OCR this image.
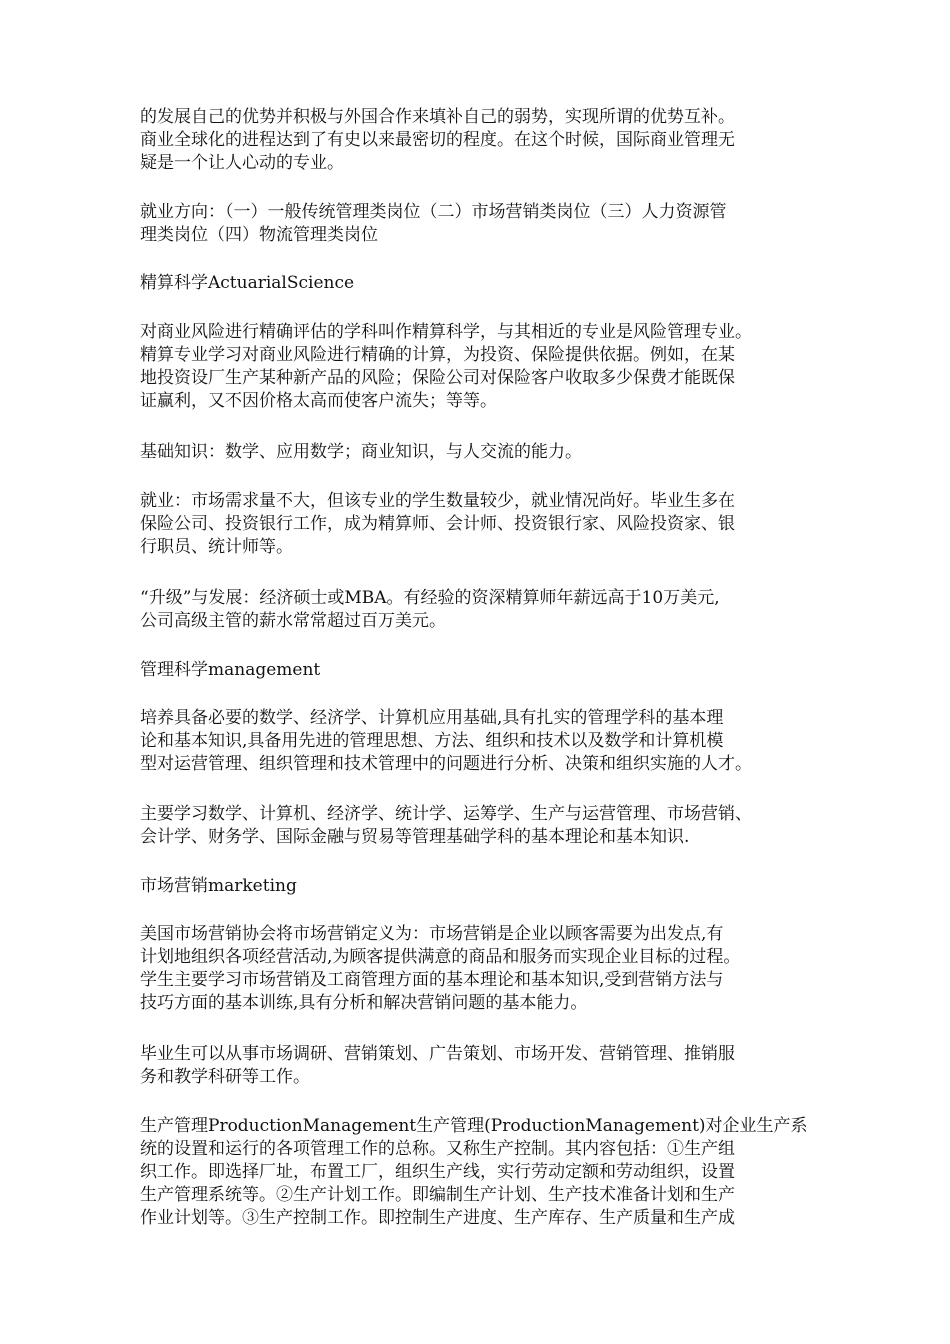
的发展自己的优势并积极与外国合作来填补自己的弱势，实现所谓的优势互补。
商业全球化的进程达到了有史以来最密切的程度。在这个时候，国际商业管理无
疑是一个让人心动的专业。
就业方向：（一）一般传统管理类岗位（二）市场营销类岗位（三）人力资源管
理类岗位（四）物流管理类岗位
精算科学ActuarialScience
对商业风险进行精确评估的学科叫作精算科学，与其相近的专业是风险管理专业。
精算专业学习对商业风险进行精确的计算，为投资、保险提供依据。例如，在某
地投资设厂生产某种新产品的风险；保险公司对保险客户收取多少保费才能既保
证赢利，又不因价格太高而使客户流失；等等。
基础知识：数学、应用数学；商业知识，与人交流的能力。
就业：市场需求量不大，但该专业的学生数量较少，就业情况尚好。毕业生多在
保险公司、投资银行工作，成为精算师、会计师、投资银行家、风险投资家、银
行职员、统计师等。
“升级”与发展：经济硕士或MBA。有经验的资深精算师年薪远高于10万美元,
公司高级主管的薪水常常超过百万美元。
管理科学management
培养具备必要的数学、经济学、计算机应用基础,具有扎实的管理学科的基本理
论和基本知识,具备用先进的管理思想、方法、组织和技术以及数学和计算机模
型对运营管理、组织管理和技术管理中的问题进行分析、决策和组织实施的人才。
主要学习数学、计算机、经济学、统计学、运筹学、生产与运营管理、市场营销、
会计学、财务学、国际金融与贸易等管理基础学科的基本理论和基本知识.
市场营销marketing
美国市场营销协会将市场营销定义为：市场营销是企业以顾客需要为出发点,有
计划地组织各项经营活动,为顾客提供满意的商品和服务而实现企业目标的过程。
学生主要学习市场营销及工商管理方面的基本理论和基本知识,受到营销方法与
技巧方面的基本训练,具有分析和解决营销问题的基本能力。
毕业生可以从事市场调研、营销策划、广告策划、市场开发、营销管理、推销服
务和教学科研等工作。
生产管理ProductionManagement生产管理(ProductionManagement)对企业生产系
统的设置和运行的各项管理工作的总称。又称生产控制。其内容包括：①生产组
织工作。即选择厂址，布置工厂，组织生产线，实行劳动定额和劳动组织，设置
生产管理系统等。②生产计划工作。即编制生产计划、生产技术准备计划和生产
作业计划等。③生产控制工作。即控制生产进度、生产库存、生产质量和生产成
